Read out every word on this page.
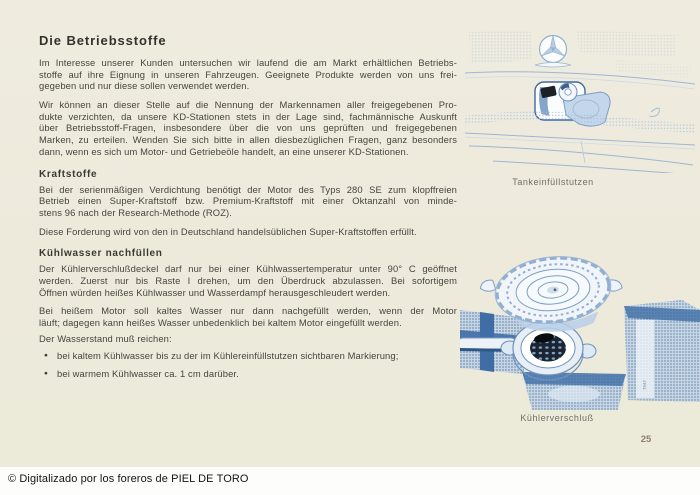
Die Betriebsstoffe
Im Interesse unserer Kunden untersuchen wir laufend die am Markt erhältlichen Betriebs-
stoffe auf ihre Eignung in unseren Fahrzeugen. Geeignete Produkte werden von uns frei-
gegeben und nur diese sollen verwendet werden.
Wir können an dieser Stelle auf die Nennung der Markennamen aller freigegebenen Pro-
dukte verzichten, da unsere KD-Stationen stets in der Lage sind, fachmännische Auskunft
über Betriebsstoff-Fragen, insbesondere über die von uns geprüften und freigegebenen
Marken, zu erteilen. Wenden Sie sich bitte in allen diesbezüglichen Fragen, ganz besonders
dann, wenn es sich um Motor- und Getriebeöle handelt, an eine unserer KD-Stationen.
Kraftstoffe
Bei der serienmäßigen Verdichtung benötigt der Motor des Typs 280 SE zum klopffreien
Betrieb einen Super-Kraftstoff bzw. Premium-Kraftstoff mit einer Oktanzahl von minde-
stens 96 nach der Research-Methode (ROZ).
Diese Forderung wird von den in Deutschland handelsüblichen Super-Kraftstoffen erfüllt.
Kühlwasser nachfüllen
Der Kühlerverschlußdeckel darf nur bei einer Kühlwassertemperatur unter 90° C geöffnet
werden. Zuerst nur bis Raste I drehen, um den Überdruck abzulassen. Bei sofortigem
Öffnen würden heißes Kühlwasser und Wasserdampf herausgeschleudert werden.
Bei heißem Motor soll kaltes Wasser nur dann nachgefüllt werden, wenn der Motor
läuft; dagegen kann heißes Wasser unbedenklich bei kaltem Motor eingefüllt werden.
Der Wasserstand muß reichen:
● bei kaltem Kühlwasser bis zu der im Kühlereinfüllstutzen sichtbaren Markierung;
● bei warmem Kühlwasser ca. 1 cm darüber.
Tankeinfüllstutzen
7547
Kühlerverschluß
25
© Digitalizado por los foreros de PIEL DE TORO
